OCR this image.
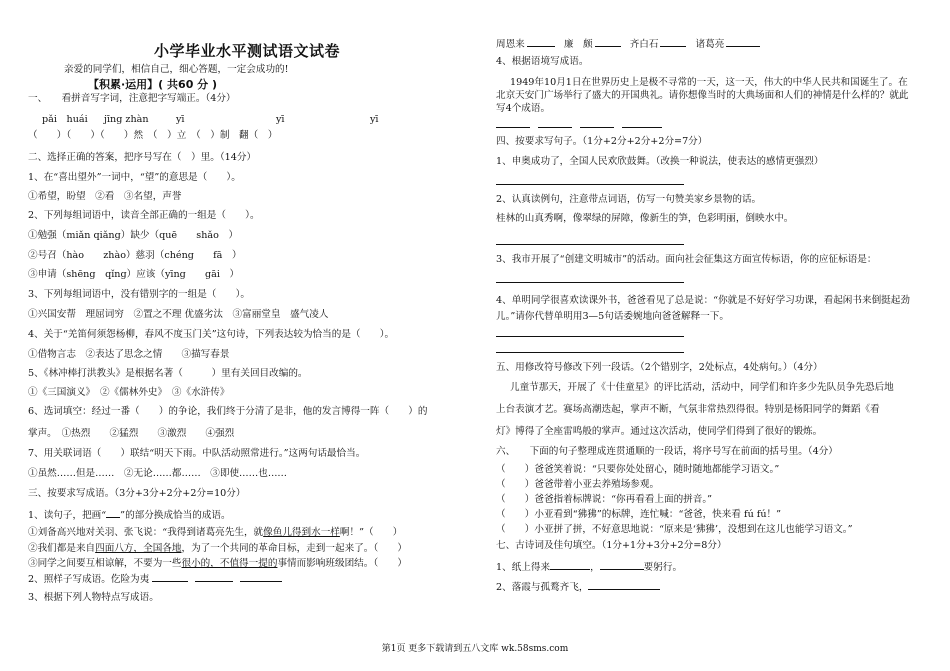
小学毕业水平测试语文试卷
亲爱的同学们，相信自己，细心答题，一定会成功的!
【积累·运用】( 共60 分 )
一、　　看拼音写字词，注意把字写端正。（4分）
pǎi　huái jīng zhàn	yī	yī	yī
（　　）（　　）（　　）然　（　）立　（　）制　翻（　）
二、选择正确的答案，把序号写在（　）里。（14分）
1、在“喜出望外”一词中，“望”的意思是（　　）。
①希望，盼望　②看　③名望，声誉
2、下列每组词语中，读音全部正确的一组是（　　）。
①勉强（miǎn qiǎng）缺少（quē　　shǎo　）
②号召（hào　　zhào）慈羽（chéng　　fā　）
③申请（shēng　qǐng）应该（yīng　　gāi　）
3、下列每组词语中，没有错别字的一组是（　　）。
①兴国安帮　理屈词穷　②置之不理 优盛劣汰　③富丽堂皇　盛气凌人
4、关于“羌笛何须怨杨柳，春风不度玉门关”这句诗，下列表达较为恰当的是（　　）。
①借物言志　②表达了思念之情　　③描写春景
5、《林冲棒打洪教头》是根据名著（　　　）里有关回目改编的。
①《三国演义》　②《儒林外史》　③《水浒传》
6、选词填空：经过一番（　　）的争论，我们终于分清了是非，他的发言博得一阵（　　）的
掌声。　①热烈　　②猛烈　　③激烈　　④强烈
7、用关联词语（　　）联结“明天下雨。中队活动照常进行。”这两句话最恰当。
①虽然……但是……　②无论……都……　③即使……也……
三、按要求写成语。（3分+3分+2分+2分=10分）
1、读句子，把画“ ”的部分换成恰当的成语。
①刘备高兴地对关羽、张飞说：“我得到诸葛亮先生，就像鱼儿得到水一样啊！”（　　）
②我们都是来自四面八方，全国各地，为了一个共同的革命目标，走到一起来了。（　　）
③同学之间要互相谅解，不要为一些很小的，不值得一提的事情而影响班级团结。（　　）
2、照样子写成语。仡险为夷
3、根据下列人物特点写成语。
周恩来	廉　颇	齐白石	诸葛亮
4、根据语境写成语。
1949年10月1日在世界历史上是极不寻常的一天，这一天，伟大的中华人民共和国诞生了。在北京天安门广场举行了盛大的开国典礼。请你想像当时的大典场面和人们的神情是什么样的？就此写4个成语。
四、按要求写句子。（1分+2分+2分+2分=7分）
1、申奥成功了，全国人民欢欣鼓舞。（改换一种说法，使表达的感情更强烈）
2、认真读例句，注意带点词语，仿写一句赞美家乡景物的话。
桂林的山真秀啊，像翠绿的屏障，像新生的笋，色彩明丽，倒映水中。
3、我市开展了“创建文明城市”的活动。面向社会征集这方面宣传标语，你的应征标语是：
4、单明同学很喜欢读课外书，爸爸看见了总是说：“你就是不好好学习功课，看起闲书来倒挺起劲儿。”请你代替单明用3—5句话委婉地向爸爸解释一下。
五、用修改符号修改下列一段话。（2个错别字，2处标点，4处病句。）（4分）
儿童节那天，开展了《十佳童星》的评比活动，活动中，同学们和许多少先队员争先恐后地
上台表演才艺。赛场高潮迭起，掌声不断，气氛非常热烈得很。特别是杨阳同学的舞蹈《看
灯》博得了全座雷鸣般的掌声。通过这次活动，使同学们得到了很好的锻炼。
六、　　下面的句子整理成连贯通顺的一段话，将序号写在前面的括号里。（4分）
（　　）爸爸笑着说：“只要你处处留心，随时随地都能学习语文。”
（　　）爸爸带着小亚去养殖场参观。
（　　）爸爸指着标牌说：“你再看看上面的拼音。”
（　　）小亚看到“狒狒”的标牌，连忙喊：“爸爸，快来看 fú fú！”
（　　）小亚拼了拼，不好意思地说：“原来是‘狒狒’，没想到在这儿也能学习语文。”
七、古诗词及佳句填空。（1分+1分+3分+2分=8分）
1、纸上得来	，	要躬行。
2、落霞与孤鹜齐飞，
第1页 更多下载请到五八文库 wk.58sms.com
